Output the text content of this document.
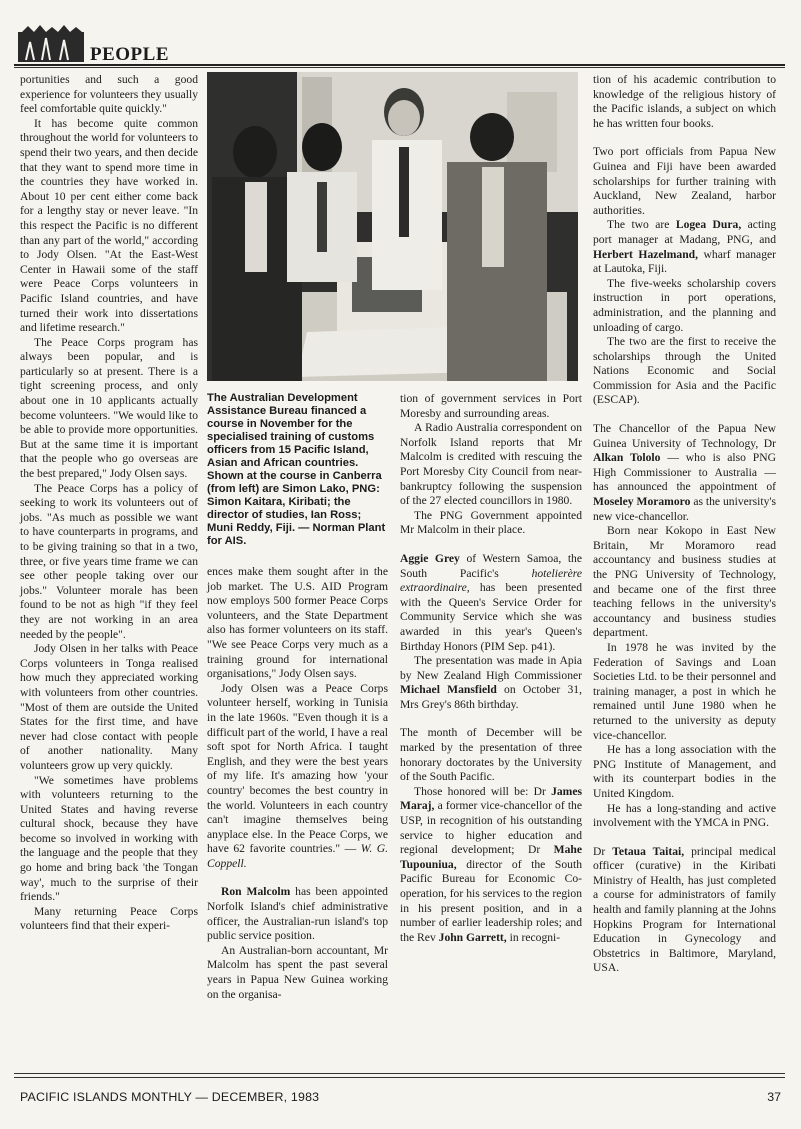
PEOPLE

portunities and such a good experience for volunteers they usually feel comfortable quite quickly."

It has become quite common throughout the world for volunteers to spend their two years, and then decide that they want to spend more time in the countries they have worked in. About 10 per cent either come back for a lengthy stay or never leave. "In this respect the Pacific is no different than any part of the world," according to Jody Olsen. "At the East-West Center in Hawaii some of the staff were Peace Corps volunteers in Pacific Island countries, and have turned their work into dissertations and lifetime research."

The Peace Corps program has always been popular, and is particularly so at present. There is a tight screening process, and only about one in 10 applicants actually become volunteers. "We would like to be able to provide more opportunities. But at the same time it is important that the people who go overseas are the best prepared," Jody Olsen says.

The Peace Corps has a policy of seeking to work its volunteers out of jobs. "As much as possible we want to have counterparts in programs, and to be giving training so that in a two, three, or five years time frame we can see other people taking over our jobs." Volunteer morale has been found to be not as high "if they feel they are not working in an area needed by the people".

Jody Olsen in her talks with Peace Corps volunteers in Tonga realised how much they appreciated working with volunteers from other countries. "Most of them are outside the United States for the first time, and have never had close contact with people of another nationality. Many volunteers grow up very quickly.

"We sometimes have problems with volunteers returning to the United States and having reverse cultural shock, because they have become so involved in working with the language and the people that they go home and bring back 'the Tongan way', much to the surprise of their friends."

Many returning Peace Corps volunteers find that their experi-

The Australian Development Assistance Bureau financed a course in November for the specialised training of customs officers from 15 Pacific Island, Asian and African countries. Shown at the course in Canberra (from left) are Simon Lako, PNG: Simon Kaitara, Kiribati; the director of studies, Ian Ross; Muni Reddy, Fiji. — Norman Plant for AIS.

ences make them sought after in the job market. The U.S. AID Program now employs 500 former Peace Corps volunteers, and the State Department also has former volunteers on its staff. "We see Peace Corps very much as a training ground for international organisations," Jody Olsen says.

Jody Olsen was a Peace Corps volunteer herself, working in Tunisia in the late 1960s. "Even though it is a difficult part of the world, I have a real soft spot for North Africa. I taught English, and they were the best years of my life. It's amazing how 'your country' becomes the best country in the world. Volunteers in each country can't imagine themselves being anyplace else. In the Peace Corps, we have 62 favorite countries." — W. G. Coppell.

Ron Malcolm has been appointed Norfolk Island's chief administrative officer, the Australian-run island's top public service position.

An Australian-born accountant, Mr Malcolm has spent the past several years in Papua New Guinea working on the organisa-

tion of government services in Port Moresby and surrounding areas.

A Radio Australia correspondent on Norfolk Island reports that Mr Malcolm is credited with rescuing the Port Moresby City Council from near-bankruptcy following the suspension of the 27 elected councillors in 1980.

The PNG Government appointed Mr Malcolm in their place.

Aggie Grey of Western Samoa, the South Pacific's hotelierère extraordinaire, has been presented with the Queen's Service Order for Community Service which she was awarded in this year's Queen's Birthday Honors (PIM Sep. p41).

The presentation was made in Apia by New Zealand High Commissioner Michael Mansfield on October 31, Mrs Grey's 86th birthday.

The month of December will be marked by the presentation of three honorary doctorates by the University of the South Pacific.

Those honored will be: Dr James Maraj, a former vice-chancellor of the USP, in recognition of his outstanding service to higher education and regional development; Dr Mahe Tupouniua, director of the South Pacific Bureau for Economic Co-operation, for his services to the region in his present position, and in a number of earlier leadership roles; and the Rev John Garrett, in recogni-

tion of his academic contribution to knowledge of the religious history of the Pacific islands, a subject on which he has written four books.

Two port officials from Papua New Guinea and Fiji have been awarded scholarships for further training with Auckland, New Zealand, harbor authorities.

The two are Logea Dura, acting port manager at Madang, PNG, and Herbert Hazelmand, wharf manager at Lautoka, Fiji.

The five-weeks scholarship covers instruction in port operations, administration, and the planning and unloading of cargo.

The two are the first to receive the scholarships through the United Nations Economic and Social Commission for Asia and the Pacific (ESCAP).

The Chancellor of the Papua New Guinea University of Technology, Dr Alkan Tololo — who is also PNG High Commissioner to Australia — has announced the appointment of Moseley Moramoro as the university's new vice-chancellor.

Born near Kokopo in East New Britain, Mr Moramoro read accountancy and business studies at the PNG University of Technology, and became one of the first three teaching fellows in the university's accountancy and business studies department.

In 1978 he was invited by the Federation of Savings and Loan Societies Ltd. to be their personnel and training manager, a post in which he remained until June 1980 when he returned to the university as deputy vice-chancellor.

He has a long association with the PNG Institute of Management, and with its counterpart bodies in the United Kingdom.

He has a long-standing and active involvement with the YMCA in PNG.

Dr Tetaua Taitai, principal medical officer (curative) in the Kiribati Ministry of Health, has just completed a course for administrators of family health and family planning at the Johns Hopkins Program for International Education in Gynecology and Obstetrics in Baltimore, Maryland, USA.

PACIFIC ISLANDS MONTHLY — DECEMBER, 1983	37
